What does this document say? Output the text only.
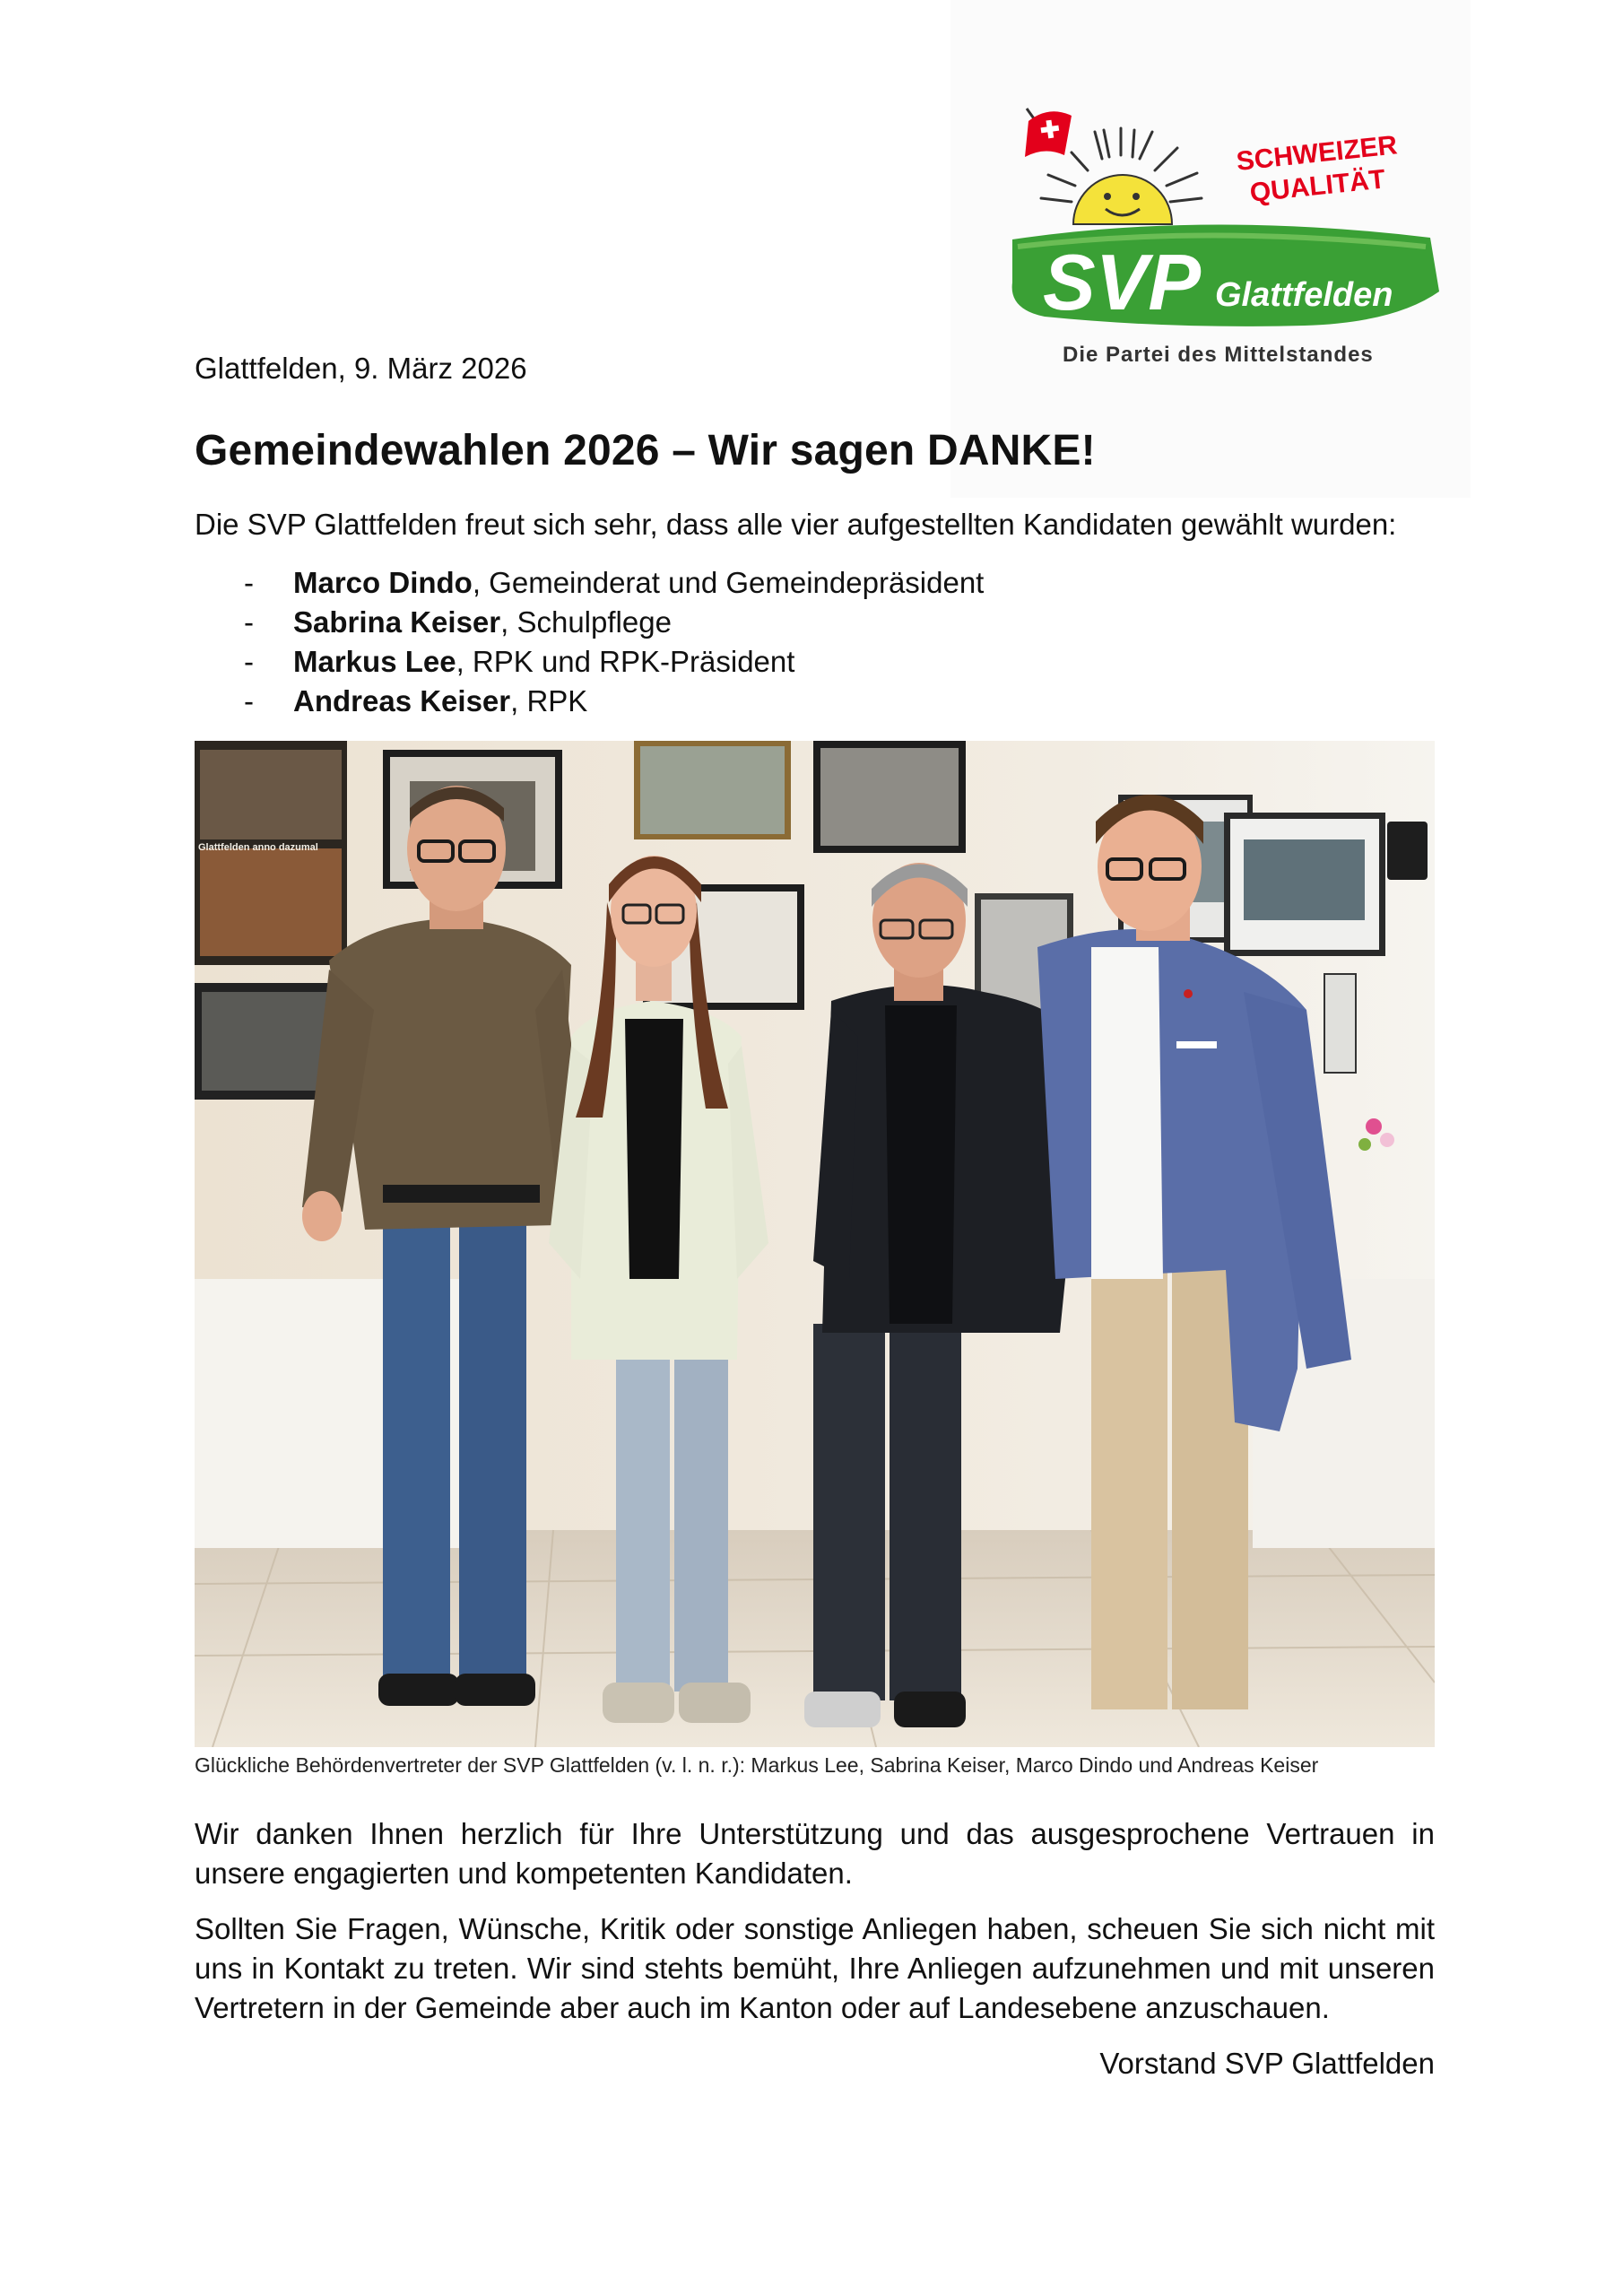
SVP Glattfelden
SCHWEIZER
QUALITÄT
Die Partei des Mittelstandes
Glattfelden, 9. März 2026
Gemeindewahlen 2026 – Wir sagen DANKE!

Die SVP Glattfelden freut sich sehr, dass alle vier aufgestellten Kandidaten gewählt wurden:

- Marco Dindo, Gemeinderat und Gemeindepräsident
- Sabrina Keiser, Schulpflege
- Markus Lee, RPK und RPK-Präsident
- Andreas Keiser, RPK
Glattfelden anno dazumal
Glückliche Behördenvertreter der SVP Glattfelden (v. l. n. r.): Markus Lee, Sabrina Keiser, Marco Dindo und Andreas Keiser

Wir danken Ihnen herzlich für Ihre Unterstützung und das ausgesprochene Vertrauen in unsere engagierten und kompetenten Kandidaten.

Sollten Sie Fragen, Wünsche, Kritik oder sonstige Anliegen haben, scheuen Sie sich nicht mit uns in Kontakt zu treten. Wir sind stehts bemüht, Ihre Anliegen aufzunehmen und mit unseren Vertretern in der Gemeinde aber auch im Kanton oder auf Landesebene anzuschauen.

Vorstand SVP Glattfelden
